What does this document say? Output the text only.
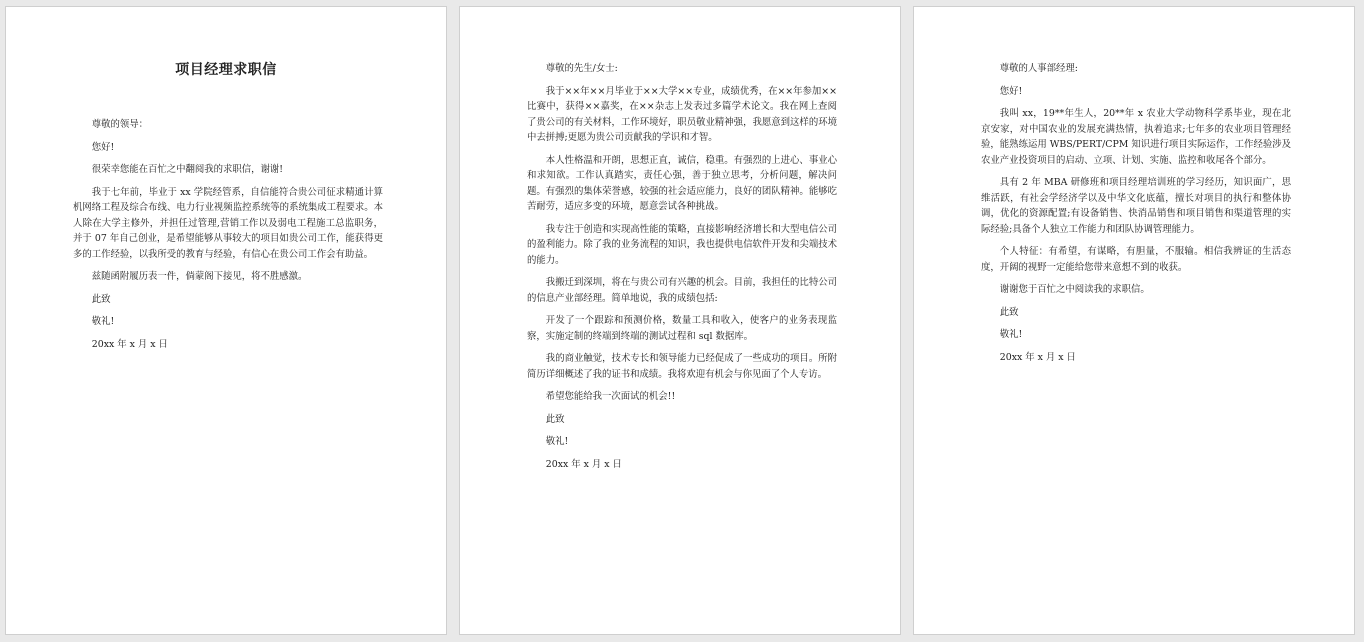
项目经理求职信

尊敬的领导：

您好!

很荣幸您能在百忙之中翻阅我的求职信，谢谢!

我于七年前，毕业于 xx 学院经管系，自信能符合贵公司征求精通计算机网络工程及综合布线、电力行业视频监控系统等的系统集成工程要求。本人除在大学主修外，并担任过管理,营销工作以及弱电工程施工总监职务，并于 07 年自己创业，是希望能够从事较大的项目如贵公司工作，能获得更多的工作经验，以我所受的教育与经验，有信心在贵公司工作会有助益。

兹随函附履历表一件，倘蒙阁下接见，将不胜感激。

此致

敬礼!

20xx 年 x 月 x 日

尊敬的先生/女士:

我于××年××月毕业于××大学××专业，成绩优秀，在××年参加××比赛中，获得××嘉奖，在××杂志上发表过多篇学术论文。我在网上查阅了贵公司的有关材料，工作环境好，职员敬业精神强，我愿意到这样的环境中去拼搏;更愿为贵公司贡献我的学识和才智。

本人性格温和开朗，思想正直，诚信，稳重。有强烈的上进心、事业心和求知欲。工作认真踏实，责任心强，善于独立思考，分析问题，解决问题。有强烈的集体荣誉感，较强的社会适应能力，良好的团队精神。能够吃苦耐劳，适应多变的环境，愿意尝试各种挑战。

我专注于创造和实现高性能的策略，直接影响经济增长和大型电信公司的盈利能力。除了我的业务流程的知识，我也提供电信软件开发和尖端技术的能力。

我搬迁到深圳，将在与贵公司有兴趣的机会。目前，我担任的比特公司的信息产业部经理。简单地说，我的成绩包括:

开发了一个跟踪和预测价格，数量工具和收入，使客户的业务表现监察，实施定制的终端到终端的测试过程和 sql 数据库。

我的商业触觉，技术专长和领导能力已经促成了一些成功的项目。所附简历详细概述了我的证书和成绩。我将欢迎有机会与你见面了个人专访。

希望您能给我一次面试的机会!!

此致

敬礼!

20xx 年 x 月 x 日

尊敬的人事部经理:

您好!

我叫 xx，19**年生人，20**年 x 农业大学动物科学系毕业，现在北京安家，对中国农业的发展充满热情，执着追求;七年多的农业项目管理经验，能熟练运用 WBS/PERT/CPM 知识进行项目实际运作，工作经验涉及农业产业投资项目的启动、立项、计划、实施、监控和收尾各个部分。

具有 2 年 MBA 研修班和项目经理培训班的学习经历，知识面广，思维活跃，有社会学经济学以及中华文化底蕴，擅长对项目的执行和整体协调，优化的资源配置;有设备销售、快消品销售和项目销售和渠道管理的实际经验;具备个人独立工作能力和团队协调管理能力。

个人特征：有希望，有谋略，有胆量，不服输。相信我辨证的生活态度，开阔的视野一定能给您带来意想不到的收获。

谢谢您于百忙之中阅读我的求职信。

此致

敬礼!

20xx 年 x 月 x 日
